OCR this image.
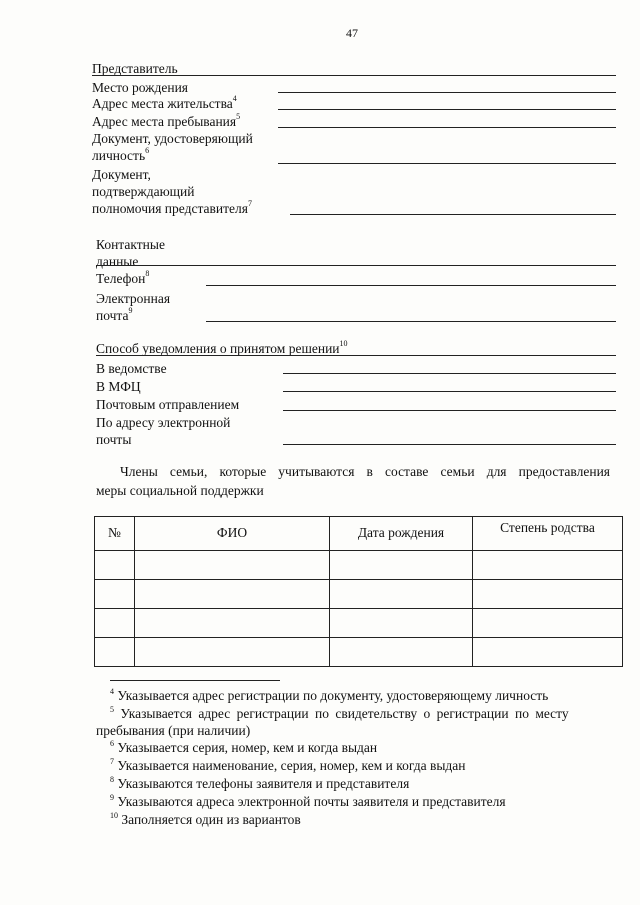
47
Представитель
Место рождения
Адрес места жительства$^4$
Адрес места пребывания$^5$
Документ, удостоверяющий
личность$^6$
Документ,
подтверждающий
полномочия представителя$^7$
Контактные
данные
Телефон$^8$
Электронная
почта$^9$
Способ уведомления о принятом решении$^{10}$
В ведомстве
В МФЦ
Почтовым отправлением
По адресу электронной
почты
Члены семьи, которые учитываются в составе семьи для предоставления
меры социальной поддержки
№	ФИО	Дата рождения	Степень родства

$^4$ Указывается адрес регистрации по документу, удостоверяющему личность
$^5$ Указывается адрес регистрации по свидетельству о регистрации по месту
пребывания (при наличии)
$^6$ Указывается серия, номер, кем и когда выдан
$^7$ Указывается наименование, серия, номер, кем и когда выдан
$^8$ Указываются телефоны заявителя и представителя
$^9$ Указываются адреса электронной почты заявителя и представителя
$^{10}$ Заполняется один из вариантов
